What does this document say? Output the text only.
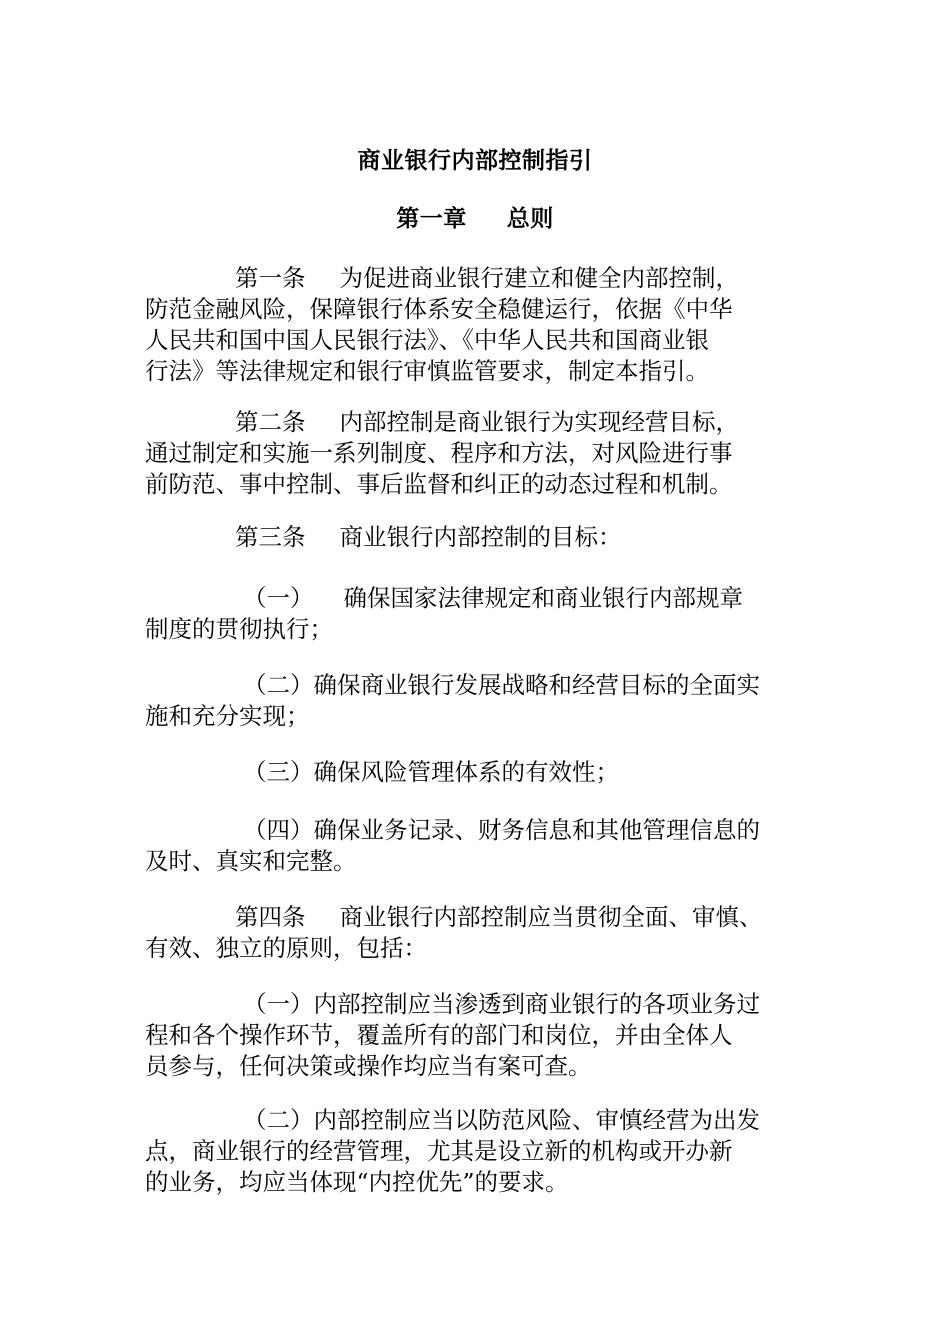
商业银行内部控制指引
第一章 总则
第一条 为促进商业银行建立和健全内部控制，
防范金融风险，保障银行体系安全稳健运行，依据《中华
人民共和国中国人民银行法》、《中华人民共和国商业银
行法》等法律规定和银行审慎监管要求，制定本指引。
第二条 内部控制是商业银行为实现经营目标，
通过制定和实施一系列制度、程序和方法，对风险进行事
前防范、事中控制、事后监督和纠正的动态过程和机制。
第三条 商业银行内部控制的目标：
（一） 确保国家法律规定和商业银行内部规章
制度的贯彻执行；
（二）确保商业银行发展战略和经营目标的全面实
施和充分实现；
（三）确保风险管理体系的有效性；
（四）确保业务记录、财务信息和其他管理信息的
及时、真实和完整。
第四条 商业银行内部控制应当贯彻全面、审慎、
有效、独立的原则，包括：
（一）内部控制应当渗透到商业银行的各项业务过
程和各个操作环节，覆盖所有的部门和岗位，并由全体人
员参与，任何决策或操作均应当有案可查。
（二）内部控制应当以防范风险、审慎经营为出发
点，商业银行的经营管理，尤其是设立新的机构或开办新
的业务，均应当体现“内控优先”的要求。
